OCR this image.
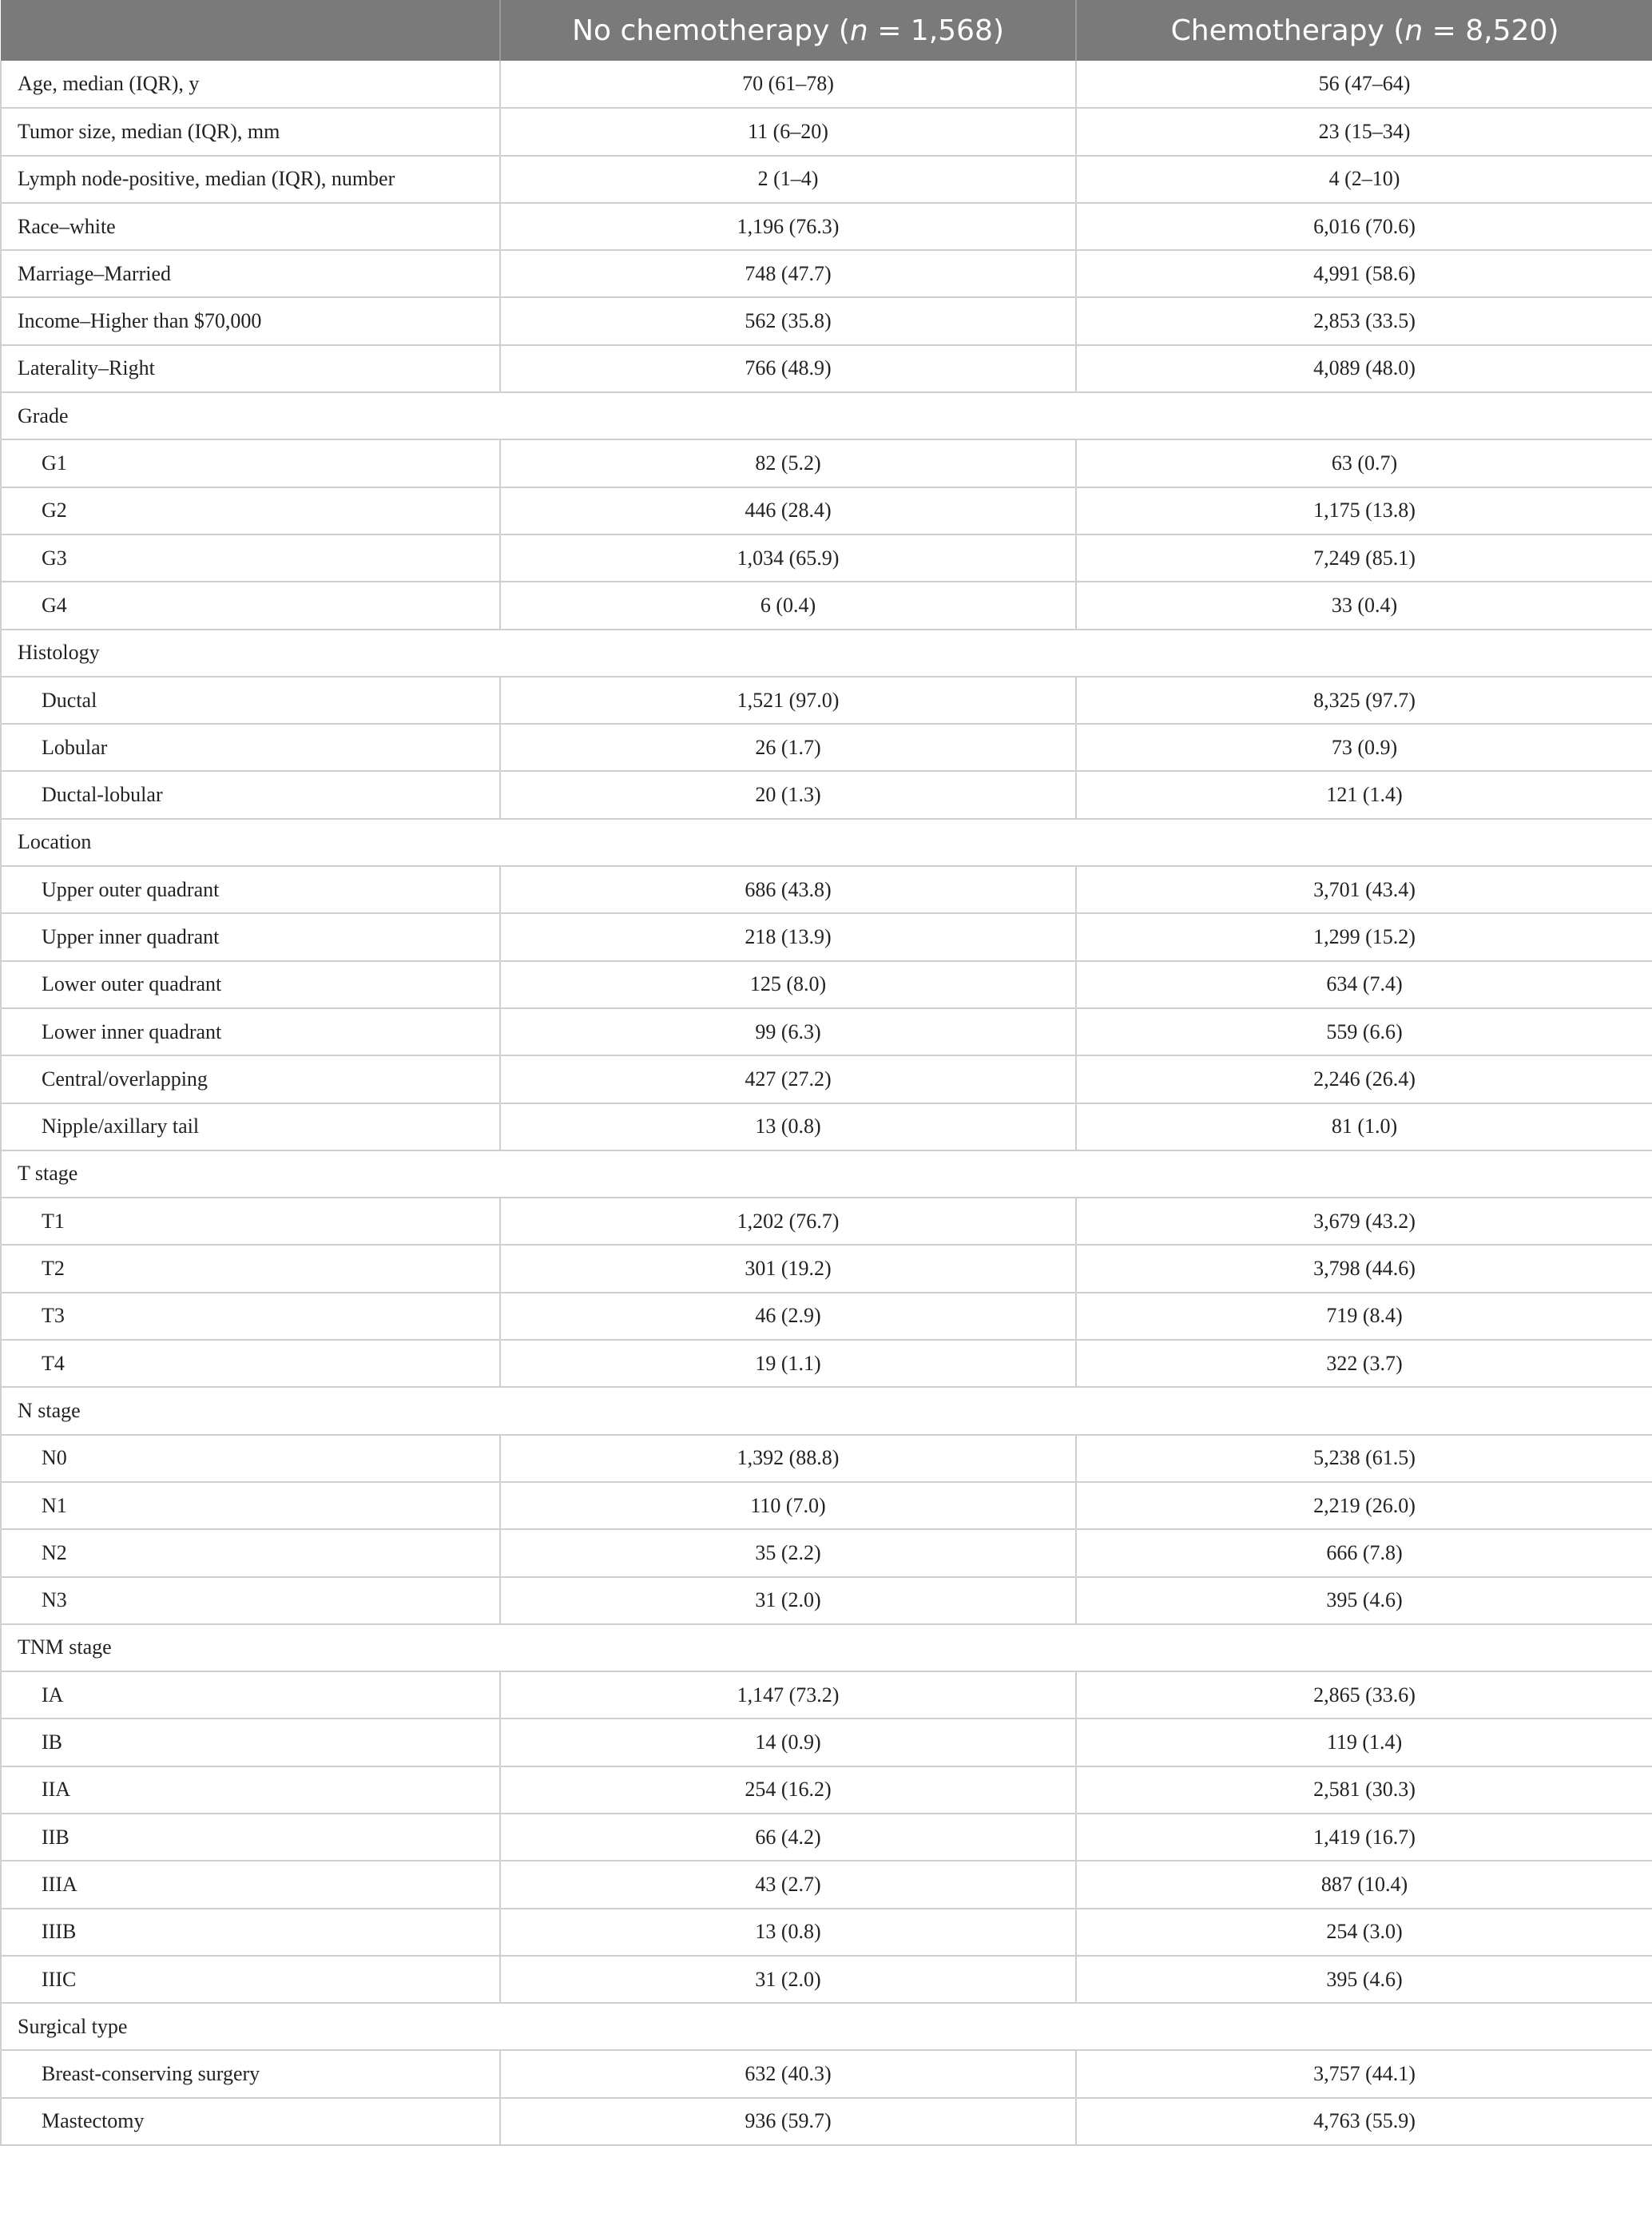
	No chemotherapy (n = 1,568)	Chemotherapy (n = 8,520)
Age, median (IQR), y	70 (61–78)	56 (47–64)
Tumor size, median (IQR), mm	11 (6–20)	23 (15–34)
Lymph node-positive, median (IQR), number	2 (1–4)	4 (2–10)
Race–white	1,196 (76.3)	6,016 (70.6)
Marriage–Married	748 (47.7)	4,991 (58.6)
Income–Higher than $70,000	562 (35.8)	2,853 (33.5)
Laterality–Right	766 (48.9)	4,089 (48.0)
Grade		
G1	82 (5.2)	63 (0.7)
G2	446 (28.4)	1,175 (13.8)
G3	1,034 (65.9)	7,249 (85.1)
G4	6 (0.4)	33 (0.4)
Histology		
Ductal	1,521 (97.0)	8,325 (97.7)
Lobular	26 (1.7)	73 (0.9)
Ductal-lobular	20 (1.3)	121 (1.4)
Location		
Upper outer quadrant	686 (43.8)	3,701 (43.4)
Upper inner quadrant	218 (13.9)	1,299 (15.2)
Lower outer quadrant	125 (8.0)	634 (7.4)
Lower inner quadrant	99 (6.3)	559 (6.6)
Central/overlapping	427 (27.2)	2,246 (26.4)
Nipple/axillary tail	13 (0.8)	81 (1.0)
T stage		
T1	1,202 (76.7)	3,679 (43.2)
T2	301 (19.2)	3,798 (44.6)
T3	46 (2.9)	719 (8.4)
T4	19 (1.1)	322 (3.7)
N stage		
N0	1,392 (88.8)	5,238 (61.5)
N1	110 (7.0)	2,219 (26.0)
N2	35 (2.2)	666 (7.8)
N3	31 (2.0)	395 (4.6)
TNM stage		
IA	1,147 (73.2)	2,865 (33.6)
IB	14 (0.9)	119 (1.4)
IIA	254 (16.2)	2,581 (30.3)
IIB	66 (4.2)	1,419 (16.7)
IIIA	43 (2.7)	887 (10.4)
IIIB	13 (0.8)	254 (3.0)
IIIC	31 (2.0)	395 (4.6)
Surgical type		
Breast-conserving surgery	632 (40.3)	3,757 (44.1)
Mastectomy	936 (59.7)	4,763 (55.9)
